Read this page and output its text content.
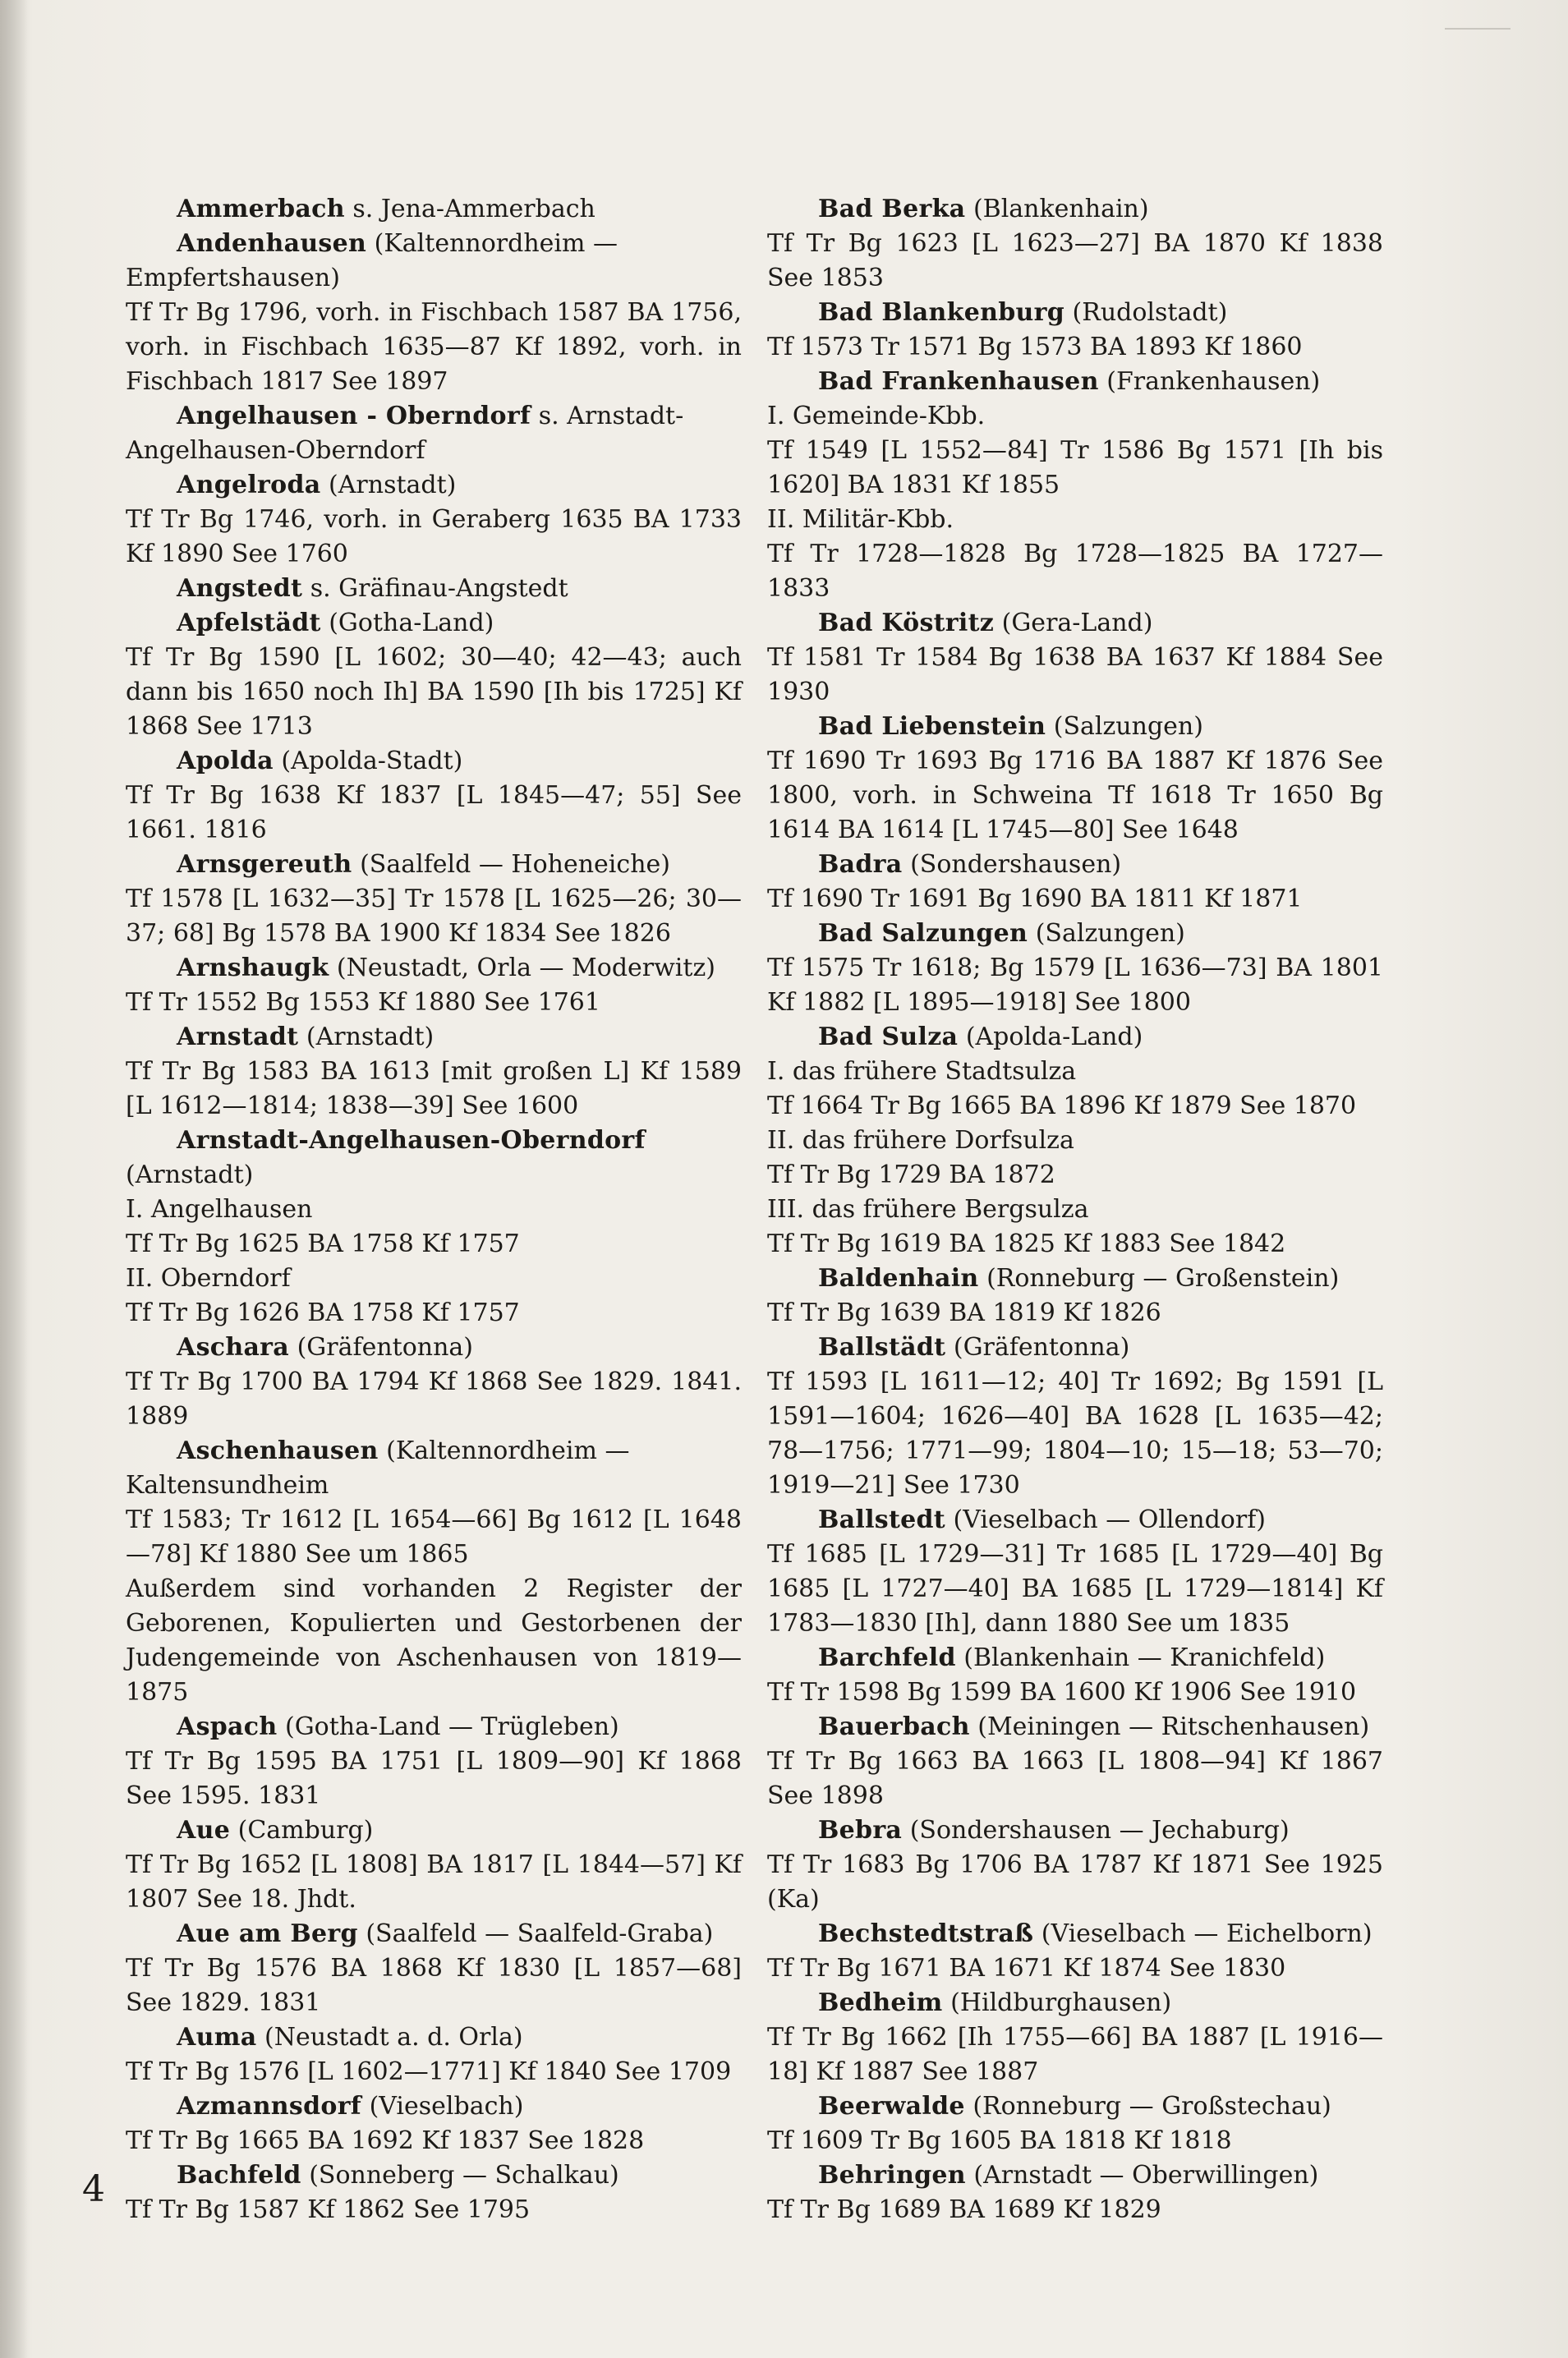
Ammerbach s. Jena-Ammerbach
Andenhausen (Kaltennordheim — Empfertshausen)
Tf Tr Bg 1796, vorh. in Fischbach 1587 BA 1756, vorh. in Fischbach 1635—87 Kf 1892, vorh. in Fischbach 1817 See 1897
Angelhausen - Oberndorf s. Arnstadt-Angelhausen-Oberndorf
Angelroda (Arnstadt)
Tf Tr Bg 1746, vorh. in Geraberg 1635 BA 1733 Kf 1890 See 1760
Angstedt s. Gräfinau-Angstedt
Apfelstädt (Gotha-Land)
Tf Tr Bg 1590 [L 1602; 30—40; 42—43; auch dann bis 1650 noch Ih] BA 1590 [Ih bis 1725] Kf 1868 See 1713
Apolda (Apolda-Stadt)
Tf Tr Bg 1638 Kf 1837 [L 1845—47; 55] See 1661. 1816
Arnsgereuth (Saalfeld — Hoheneiche)
Tf 1578 [L 1632—35] Tr 1578 [L 1625—26; 30—37; 68] Bg 1578 BA 1900 Kf 1834 See 1826
Arnshaugk (Neustadt, Orla — Moderwitz)
Tf Tr 1552 Bg 1553 Kf 1880 See 1761
Arnstadt (Arnstadt)
Tf Tr Bg 1583 BA 1613 [mit großen L] Kf 1589 [L 1612—1814; 1838—39] See 1600
Arnstadt-Angelhausen-Oberndorf (Arnstadt)
I. Angelhausen
Tf Tr Bg 1625 BA 1758 Kf 1757
II. Oberndorf
Tf Tr Bg 1626 BA 1758 Kf 1757
Aschara (Gräfentonna)
Tf Tr Bg 1700 BA 1794 Kf 1868 See 1829. 1841. 1889
Aschenhausen (Kaltennordheim — Kaltensundheim
Tf 1583; Tr 1612 [L 1654—66] Bg 1612 [L 1648—78] Kf 1880 See um 1865
Außerdem sind vorhanden 2 Register der Geborenen, Kopulierten und Gestorbenen der Judengemeinde von Aschenhausen von 1819—1875
Aspach (Gotha-Land — Trügleben)
Tf Tr Bg 1595 BA 1751 [L 1809—90] Kf 1868 See 1595. 1831
Aue (Camburg)
Tf Tr Bg 1652 [L 1808] BA 1817 [L 1844—57] Kf 1807 See 18. Jhdt.
Aue am Berg (Saalfeld — Saalfeld-Graba)
Tf Tr Bg 1576 BA 1868 Kf 1830 [L 1857—68] See 1829. 1831
Auma (Neustadt a. d. Orla)
Tf Tr Bg 1576 [L 1602—1771] Kf 1840 See 1709
Azmannsdorf (Vieselbach)
Tf Tr Bg 1665 BA 1692 Kf 1837 See 1828
Bachfeld (Sonneberg — Schalkau)
Tf Tr Bg 1587 Kf 1862 See 1795
Bad Berka (Blankenhain)
Tf Tr Bg 1623 [L 1623—27] BA 1870 Kf 1838 See 1853
Bad Blankenburg (Rudolstadt)
Tf 1573 Tr 1571 Bg 1573 BA 1893 Kf 1860
Bad Frankenhausen (Frankenhausen)
I. Gemeinde-Kbb.
Tf 1549 [L 1552—84] Tr 1586 Bg 1571 [Ih bis 1620] BA 1831 Kf 1855
II. Militär-Kbb.
Tf Tr 1728—1828 Bg 1728—1825 BA 1727—1833
Bad Köstritz (Gera-Land)
Tf 1581 Tr 1584 Bg 1638 BA 1637 Kf 1884 See 1930
Bad Liebenstein (Salzungen)
Tf 1690 Tr 1693 Bg 1716 BA 1887 Kf 1876 See 1800, vorh. in Schweina Tf 1618 Tr 1650 Bg 1614 BA 1614 [L 1745—80] See 1648
Badra (Sondershausen)
Tf 1690 Tr 1691 Bg 1690 BA 1811 Kf 1871
Bad Salzungen (Salzungen)
Tf 1575 Tr 1618; Bg 1579 [L 1636—73] BA 1801 Kf 1882 [L 1895—1918] See 1800
Bad Sulza (Apolda-Land)
I. das frühere Stadtsulza
Tf 1664 Tr Bg 1665 BA 1896 Kf 1879 See 1870
II. das frühere Dorfsulza
Tf Tr Bg 1729 BA 1872
III. das frühere Bergsulza
Tf Tr Bg 1619 BA 1825 Kf 1883 See 1842
Baldenhain (Ronneburg — Großenstein)
Tf Tr Bg 1639 BA 1819 Kf 1826
Ballstädt (Gräfentonna)
Tf 1593 [L 1611—12; 40] Tr 1692; Bg 1591 [L 1591—1604; 1626—40] BA 1628 [L 1635—42; 78—1756; 1771—99; 1804—10; 15—18; 53—70; 1919—21] See 1730
Ballstedt (Vieselbach — Ollendorf)
Tf 1685 [L 1729—31] Tr 1685 [L 1729—40] Bg 1685 [L 1727—40] BA 1685 [L 1729—1814] Kf 1783—1830 [Ih], dann 1880 See um 1835
Barchfeld (Blankenhain — Kranichfeld)
Tf Tr 1598 Bg 1599 BA 1600 Kf 1906 See 1910
Bauerbach (Meiningen — Ritschenhausen)
Tf Tr Bg 1663 BA 1663 [L 1808—94] Kf 1867 See 1898
Bebra (Sondershausen — Jechaburg)
Tf Tr 1683 Bg 1706 BA 1787 Kf 1871 See 1925 (Ka)
Bechstedtstraß (Vieselbach — Eichelborn)
Tf Tr Bg 1671 BA 1671 Kf 1874 See 1830
Bedheim (Hildburghausen)
Tf Tr Bg 1662 [Ih 1755—66] BA 1887 [L 1916—18] Kf 1887 See 1887
Beerwalde (Ronneburg — Großstechau)
Tf 1609 Tr Bg 1605 BA 1818 Kf 1818
Behringen (Arnstadt — Oberwillingen)
Tf Tr Bg 1689 BA 1689 Kf 1829
4
